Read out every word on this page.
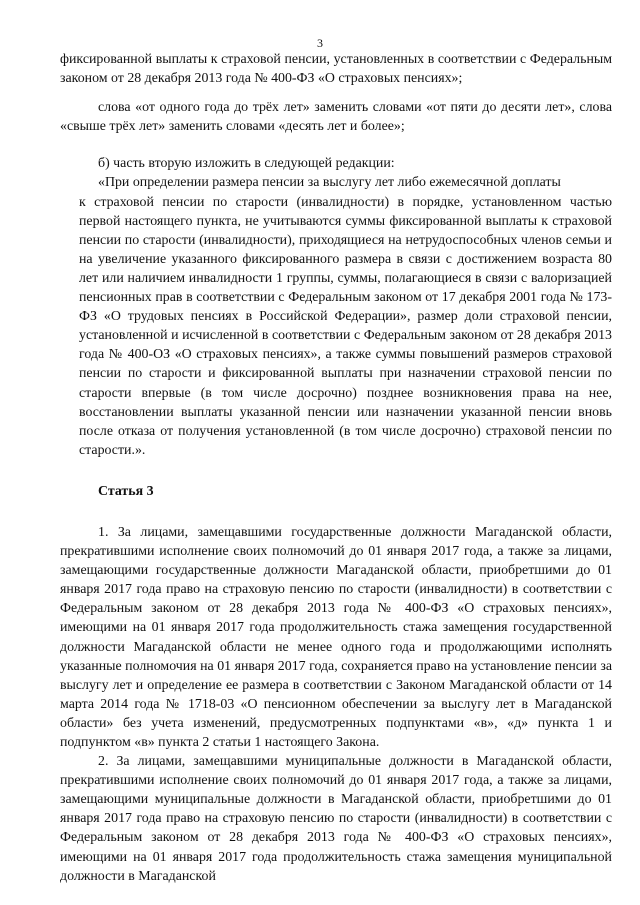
3

фиксированной выплаты к страховой пенсии, установленных в соответствии с Федеральным законом от 28 декабря 2013 года № 400-ФЗ «О страховых пенсиях»;

слова «от одного года до трёх лет» заменить словами «от пяти до десяти лет», слова «свыше трёх лет» заменить словами «десять лет и более»;

б) часть вторую изложить в следующей редакции:

«При определении размера пенсии за выслугу лет либо ежемесячной доплаты

к страховой пенсии по старости (инвалидности) в порядке, установленном частью первой настоящего пункта, не учитываются суммы фиксированной выплаты к страховой пенсии по старости (инвалидности), приходящиеся на нетрудоспособных членов семьи и на увеличение указанного фиксированного размера в связи с достижением возраста 80 лет или наличием инвалидности 1 группы, суммы, полагающиеся в связи с валоризацией пенсионных прав в соответствии с Федеральным законом от 17 декабря 2001 года № 173-ФЗ «О трудовых пенсиях в Российской Федерации», размер доли страховой пенсии, установленной и исчисленной в соответствии с Федеральным законом от 28 декабря 2013 года № 400-ОЗ «О страховых пенсиях», а также суммы повышений размеров страховой пенсии по старости и фиксированной выплаты при назначении страховой пенсии по старости впервые (в том числе досрочно) позднее возникновения права на нее, восстановлении выплаты указанной пенсии или назначении указанной пенсии вновь после отказа от получения установленной (в том числе досрочно) страховой пенсии по старости.».

Статья 3

1. За лицами, замещавшими государственные должности Магаданской области, прекратившими исполнение своих полномочий до 01 января 2017 года, а также за лицами, замещающими государственные должности Магаданской области, приобретшими до 01 января 2017 года право на страховую пенсию по старости (инвалидности) в соответствии с Федеральным законом от 28 декабря 2013 года № 400-ФЗ «О страховых пенсиях», имеющими на 01 января 2017 года продолжительность стажа замещения государственной должности Магаданской области не менее одного года и продолжающими исполнять указанные полномочия на 01 января 2017 года, сохраняется право на установление пенсии за выслугу лет и определение ее размера в соответствии с Законом Магаданской области от 14 марта 2014 года № 1718-03 «О пенсионном обеспечении за выслугу лет в Магаданской области» без учета изменений, предусмотренных подпунктами «в», «д» пункта 1 и подпунктом «в» пункта 2 статьи 1 настоящего Закона.

2. За лицами, замещавшими муниципальные должности в Магаданской области, прекратившими исполнение своих полномочий до 01 января 2017 года, а также за лицами, замещающими муниципальные должности в Магаданской области, приобретшими до 01 января 2017 года право на страховую пенсию по старости (инвалидности) в соответствии с Федеральным законом от 28 декабря 2013 года № 400-ФЗ «О страховых пенсиях», имеющими на 01 января 2017 года продолжительность стажа замещения муниципальной должности в Магаданской
